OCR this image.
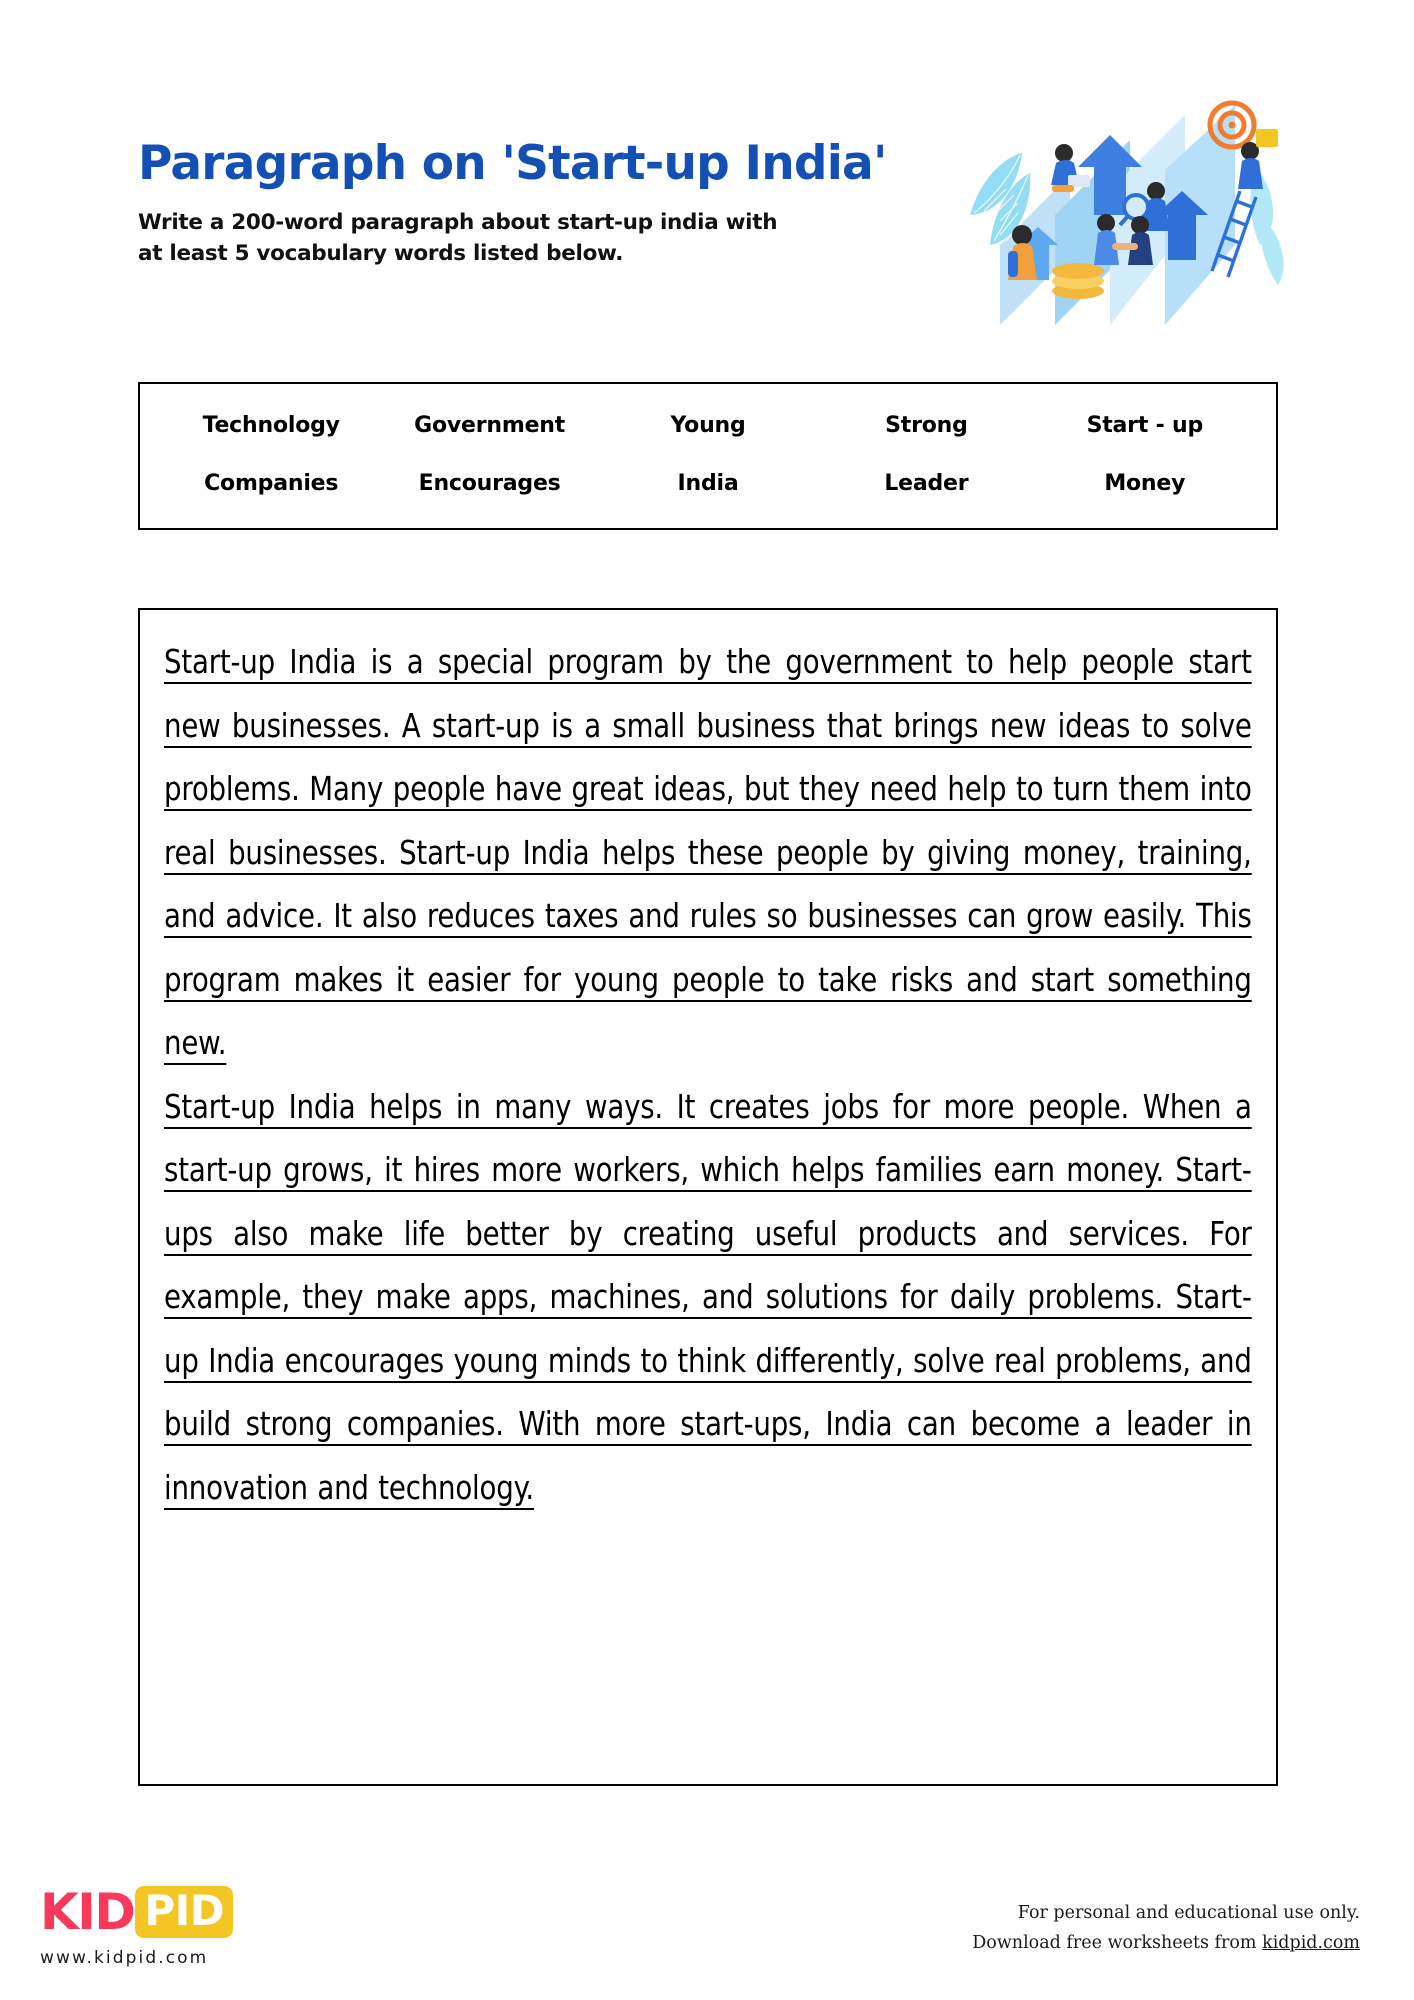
Paragraph on 'Start-up India'
Write a 200-word paragraph about start-up india with at least 5 vocabulary words listed below.
Technology	Government	Young	Strong	Start - up
Companies	Encourages	India	Leader	Money

Start-up India is a special program by the government to help people start new businesses. A start-up is a small business that brings new ideas to solve problems. Many people have great ideas, but they need help to turn them into real businesses. Start-up India helps these people by giving money, training, and advice. It also reduces taxes and rules so businesses can grow easily. This program makes it easier for young people to take risks and start something new.

Start-up India helps in many ways. It creates jobs for more people. When a start-up grows, it hires more workers, which helps families earn money. Start-ups also make life better by creating useful products and services. For example, they make apps, machines, and solutions for daily problems. Start-up India encourages young minds to think differently, solve real problems, and build strong companies. With more start-ups, India can become a leader in innovation and technology.

KID PID
www.kidpid.com
For personal and educational use only.
Download free worksheets from kidpid.com
